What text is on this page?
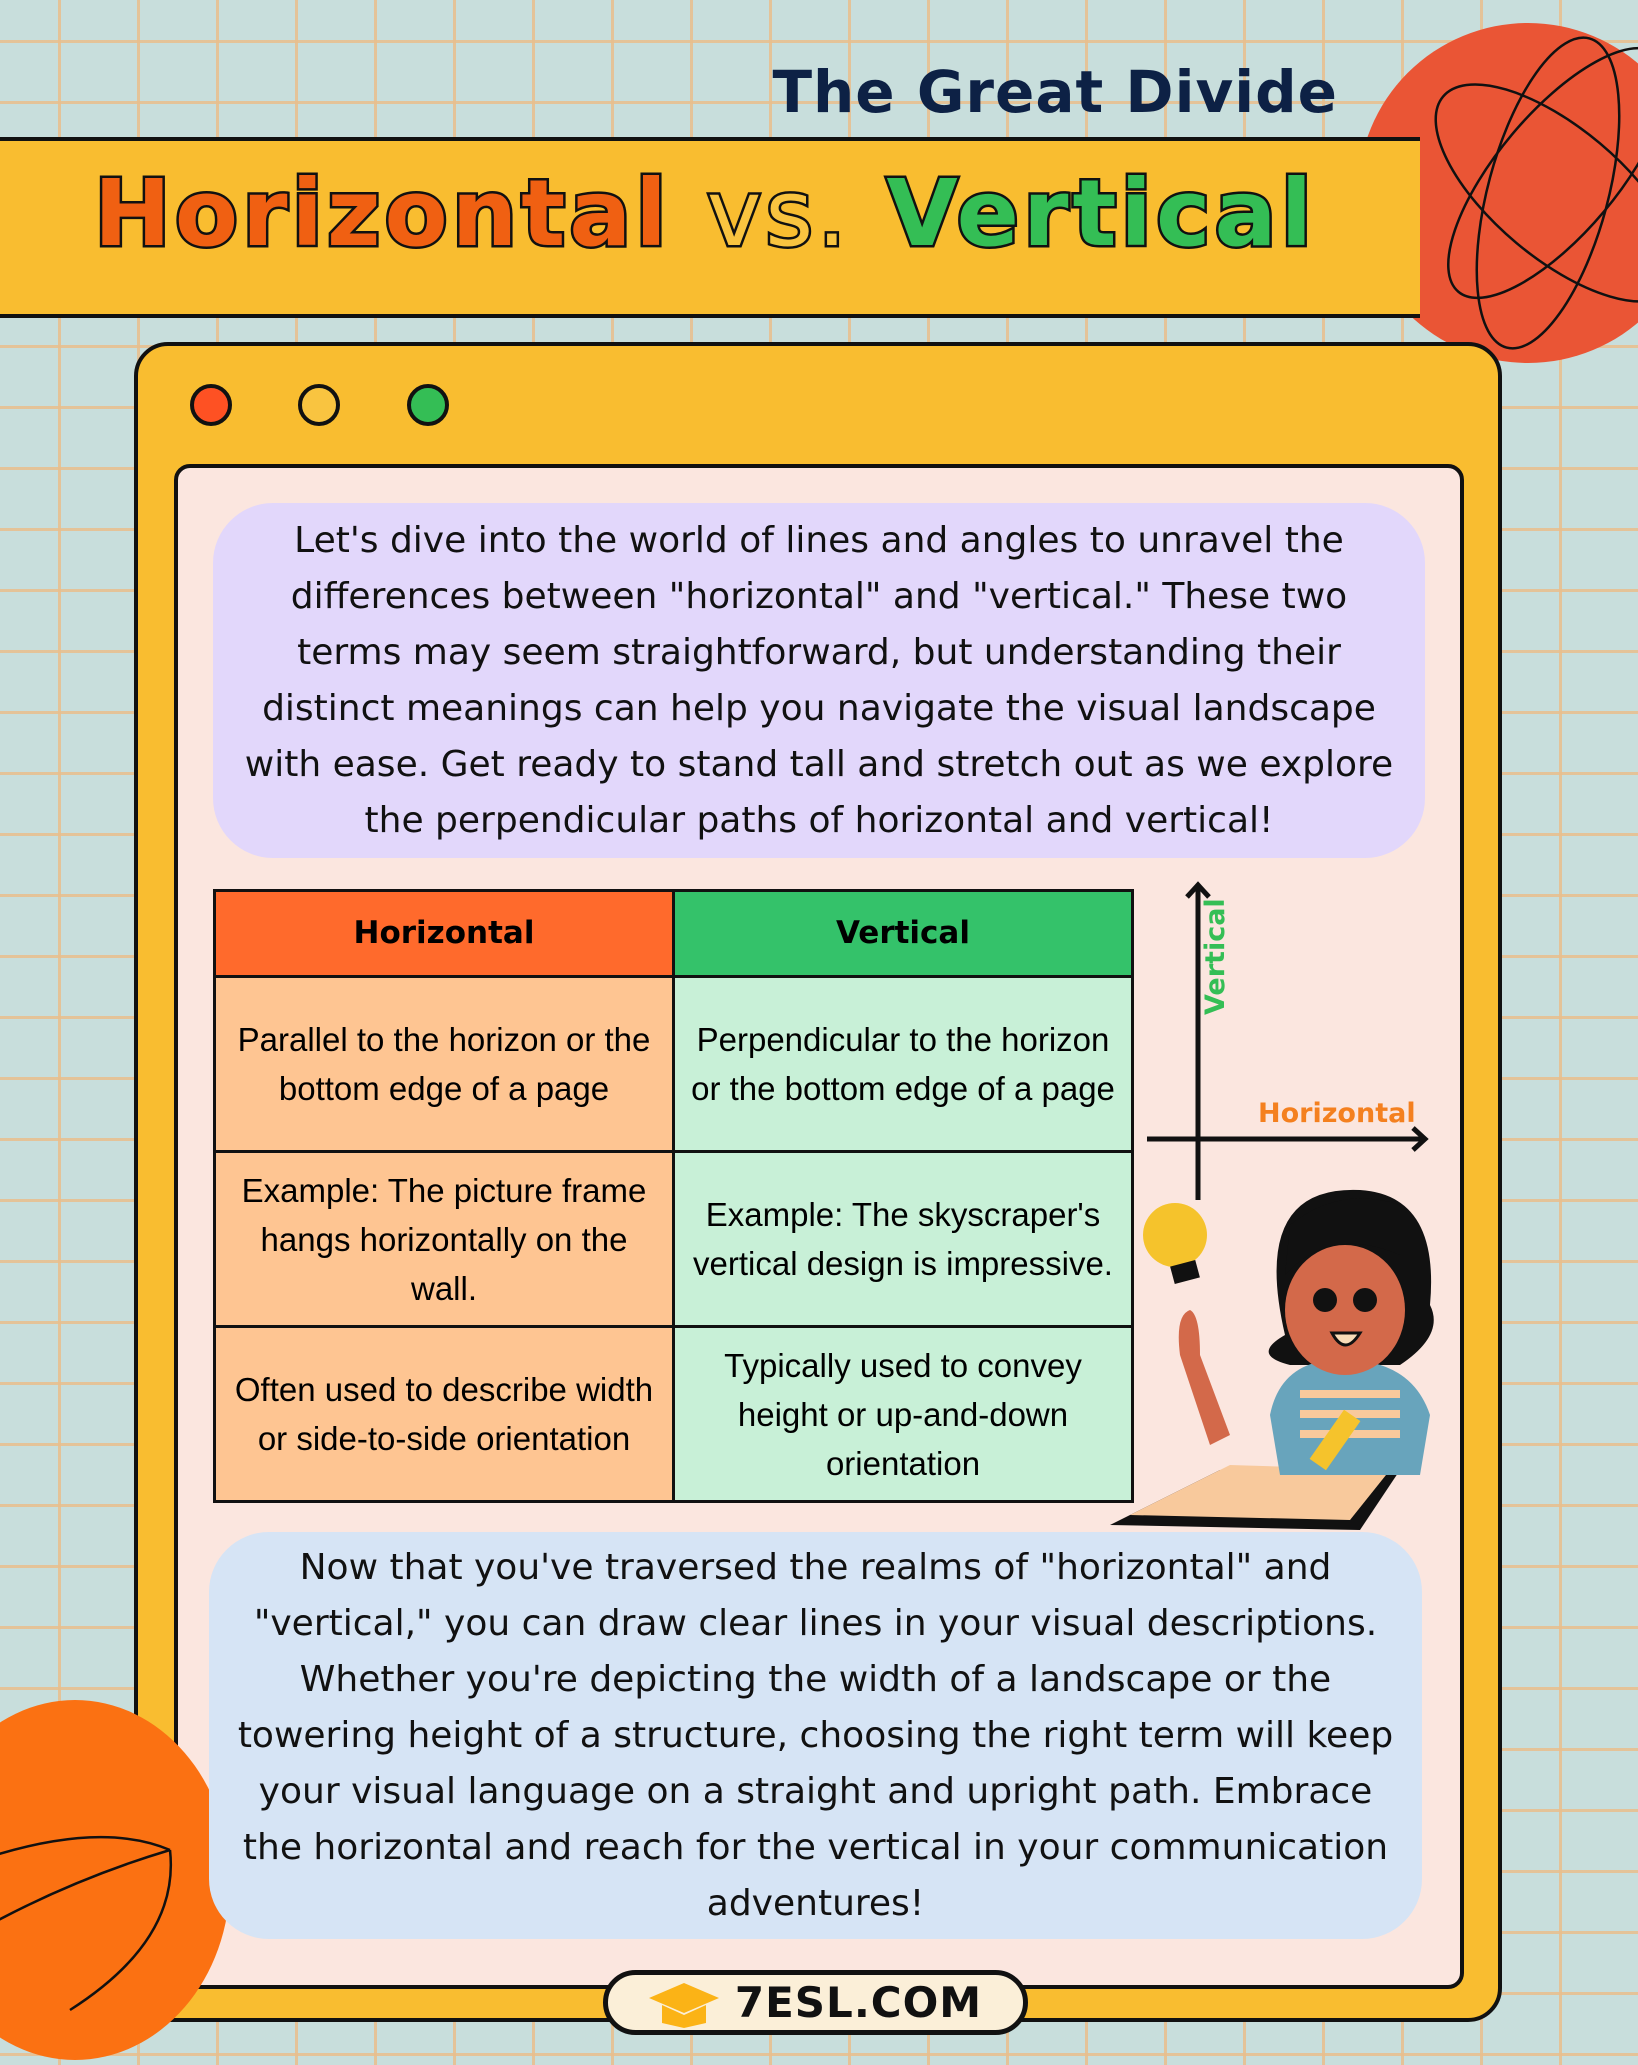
The Great Divide
Horizontal vs. Vertical
Let's dive into the world of lines and angles to unravel the differences between "horizontal" and "vertical." These two terms may seem straightforward, but understanding their distinct meanings can help you navigate the visual landscape with ease. Get ready to stand tall and stretch out as we explore the perpendicular paths of horizontal and vertical!
Horizontal	Vertical
Parallel to the horizon or the bottom edge of a page	Perpendicular to the horizon or the bottom edge of a page
Example: The picture frame hangs horizontally on the wall.	Example: The skyscraper's vertical design is impressive.
Often used to describe width or side-to-side orientation	Typically used to convey height or up-and-down orientation
Vertical
Horizontal
Now that you've traversed the realms of "horizontal" and "vertical," you can draw clear lines in your visual descriptions. Whether you're depicting the width of a landscape or the towering height of a structure, choosing the right term will keep your visual language on a straight and upright path. Embrace the horizontal and reach for the vertical in your communication adventures!
7ESL.COM
